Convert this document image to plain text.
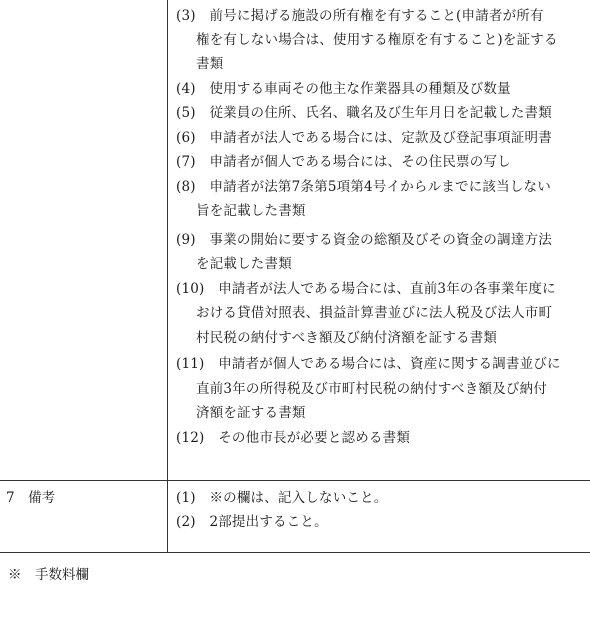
(3)　 前号に掲げる施設の所有権を有すること(申請者が所有
権を有しない場合は、使用する権原を有すること)を証する
書類
(4)　 使用する車両その他主な作業器具の種類及び数量
(5)　 従業員の住所、氏名、職名及び生年月日を記載した書類
(6)　 申請者が法人である場合には、定款及び登記事項証明書
(7)　 申請者が個人である場合には、その住民票の写し
(8)　 申請者が法第7条第5項第4号イからルまでに該当しない
旨を記載した書類
(9)　 事業の開始に要する資金の総額及びその資金の調達方法
を記載した書類
(10)　 申請者が法人である場合には、直前3年の各事業年度に
おける貸借対照表、損益計算書並びに法人税及び法人市町
村民税の納付すべき額及び納付済額を証する書類
(11)　 申請者が個人である場合には、資産に関する調書並びに
直前3年の所得税及び市町村民税の納付すべき額及び納付
済額を証する書類
(12)　 その他市長が必要と認める書類
7　 備考	(1)　 ※の欄は、記入しないこと。
(2)　 2部提出すること。
※　 手数料欄
